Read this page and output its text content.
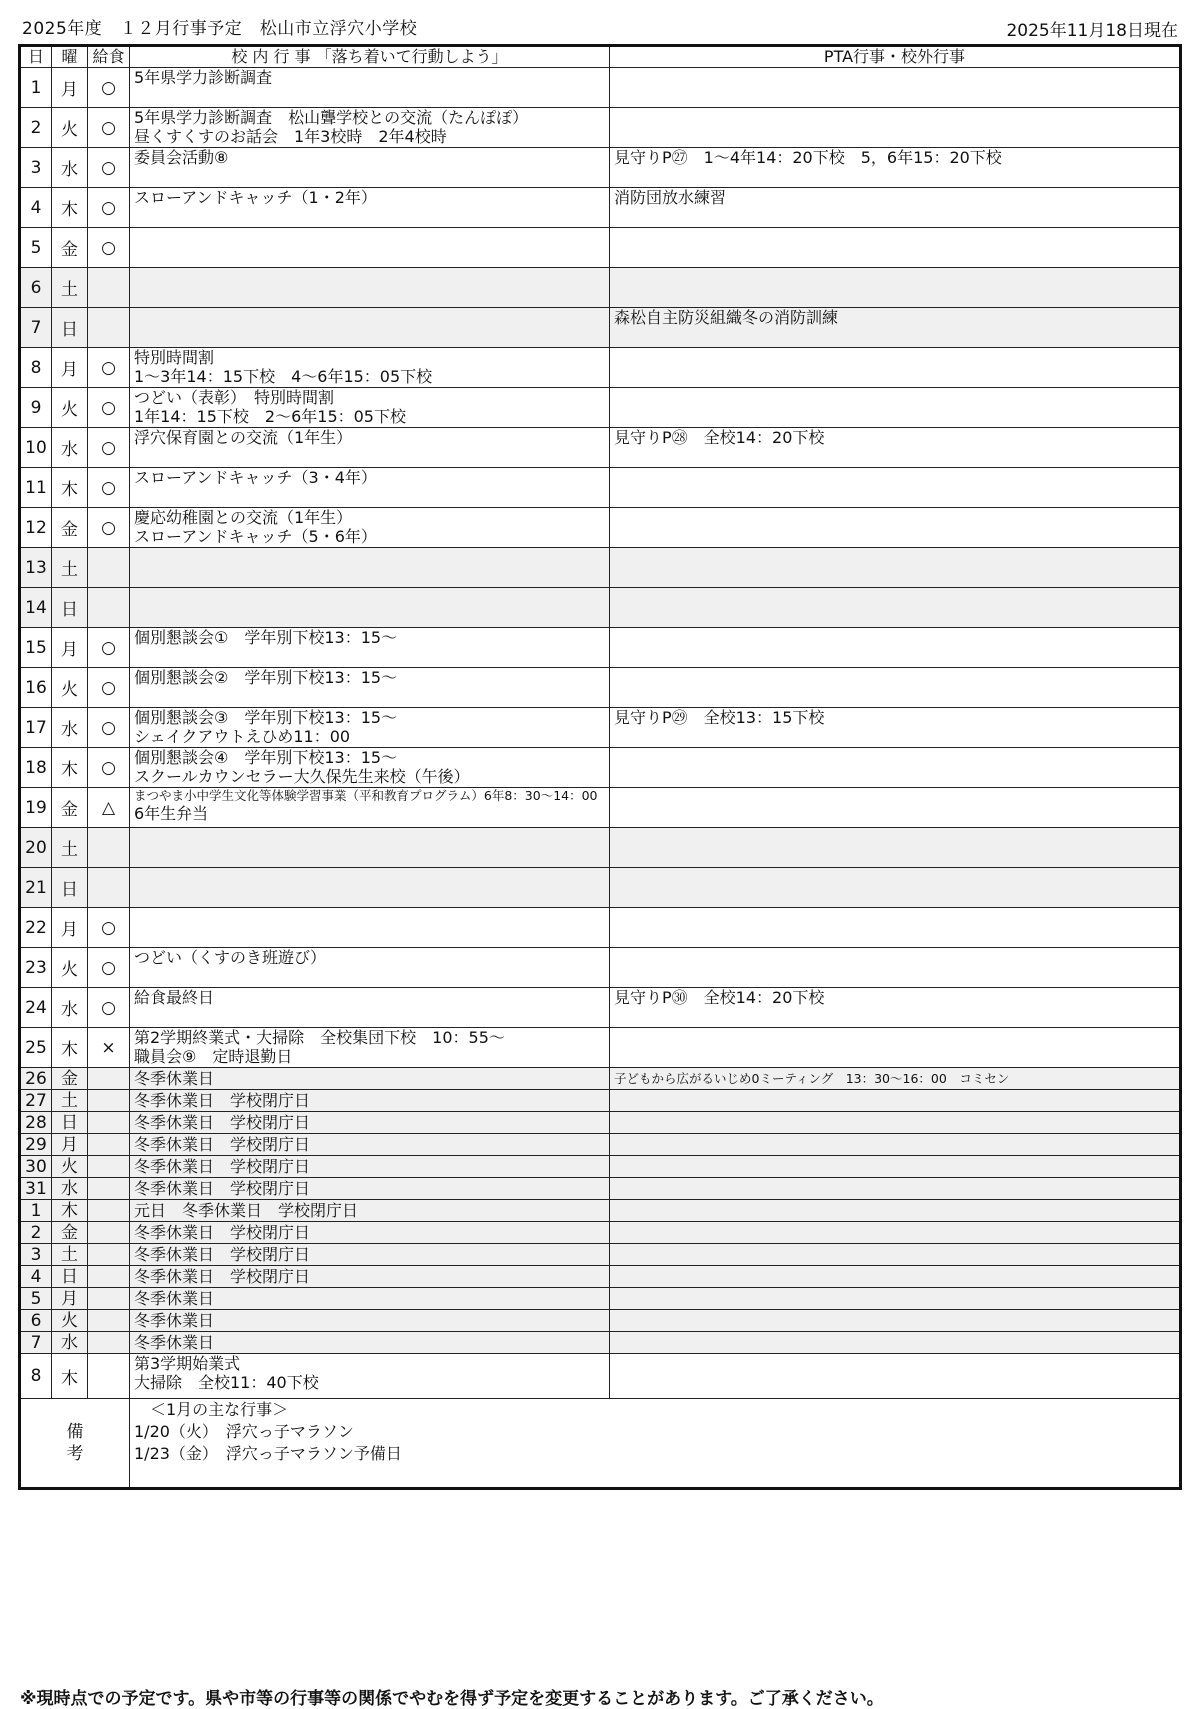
2025年度　１２月行事予定　松山市立浮穴小学校	2025年11月18日現在
日	曜	給食	校 内 行 事 「落ち着いて行動しよう」	PTA行事・校外行事
1	月	○	5年県学力診断調査	

2	火	○	5年県学力診断調査　松山聾学校との交流（たんぽぽ）
昼くすくすのお話会　1年3校時　2年4校時	

3	水	○	委員会活動⑧	見守りP㉗　1～4年14：20下校　5，6年15：20下校

4	木	○	スローアンドキャッチ（1・2年）	消防団放水練習

5	金	○		
6	土			
7	日			森松自主防災組織冬の消防訓練

8	月	○	特別時間割
1～3年14：15下校　4～6年15：05下校	

9	火	○	つどい（表彰）　特別時間割
1年14：15下校　2～6年15：05下校	

10	水	○	浮穴保育園との交流（1年生）	見守りP㉘　全校14：20下校

11	木	○	スローアンドキャッチ（3・4年）	

12	金	○	慶応幼稚園との交流（1年生）
スローアンドキャッチ（5・6年）	

13	土			
14	日			
15	月	○	個別懇談会①　学年別下校13：15～	

16	火	○	個別懇談会②　学年別下校13：15～	

17	水	○	個別懇談会③　学年別下校13：15～
シェイクアウトえひめ11：00	見守りP㉙　全校13：15下校

18	木	○	個別懇談会④　学年別下校13：15～
スクールカウンセラー大久保先生来校（午後）	

19	金	△	まつやま小中学生文化等体験学習事業（平和教育プログラム）6年8：30～14：00
6年生弁当	

20	土			
21	日			
22	月	○		
23	火	○	つどい（くすのき班遊び）	

24	水	○	給食最終日	見守りP㉚　全校14：20下校

25	木	×	第2学期終業式・大掃除　全校集団下校　10：55～
職員会⑨　定時退勤日	

26	金		冬季休業日	子どもから広がるいじめ0ミーティング　13：30～16：00　コミセン

27	土		冬季休業日　学校閉庁日	

28	日		冬季休業日　学校閉庁日	

29	月		冬季休業日　学校閉庁日	

30	火		冬季休業日　学校閉庁日	

31	水		冬季休業日　学校閉庁日	

1	木		元日　冬季休業日　学校閉庁日	

2	金		冬季休業日　学校閉庁日	

3	土		冬季休業日　学校閉庁日	

4	日		冬季休業日　学校閉庁日	

5	月		冬季休業日	

6	火		冬季休業日	

7	水		冬季休業日	

8	木		第3学期始業式
大掃除　全校11：40下校	

備
考

　＜1月の主な行事＞
1/20（火）　浮穴っ子マラソン
1/23（金）　浮穴っ子マラソン予備日
※現時点での予定です。県や市等の行事等の関係でやむを得ず予定を変更することがあります。ご了承ください。
